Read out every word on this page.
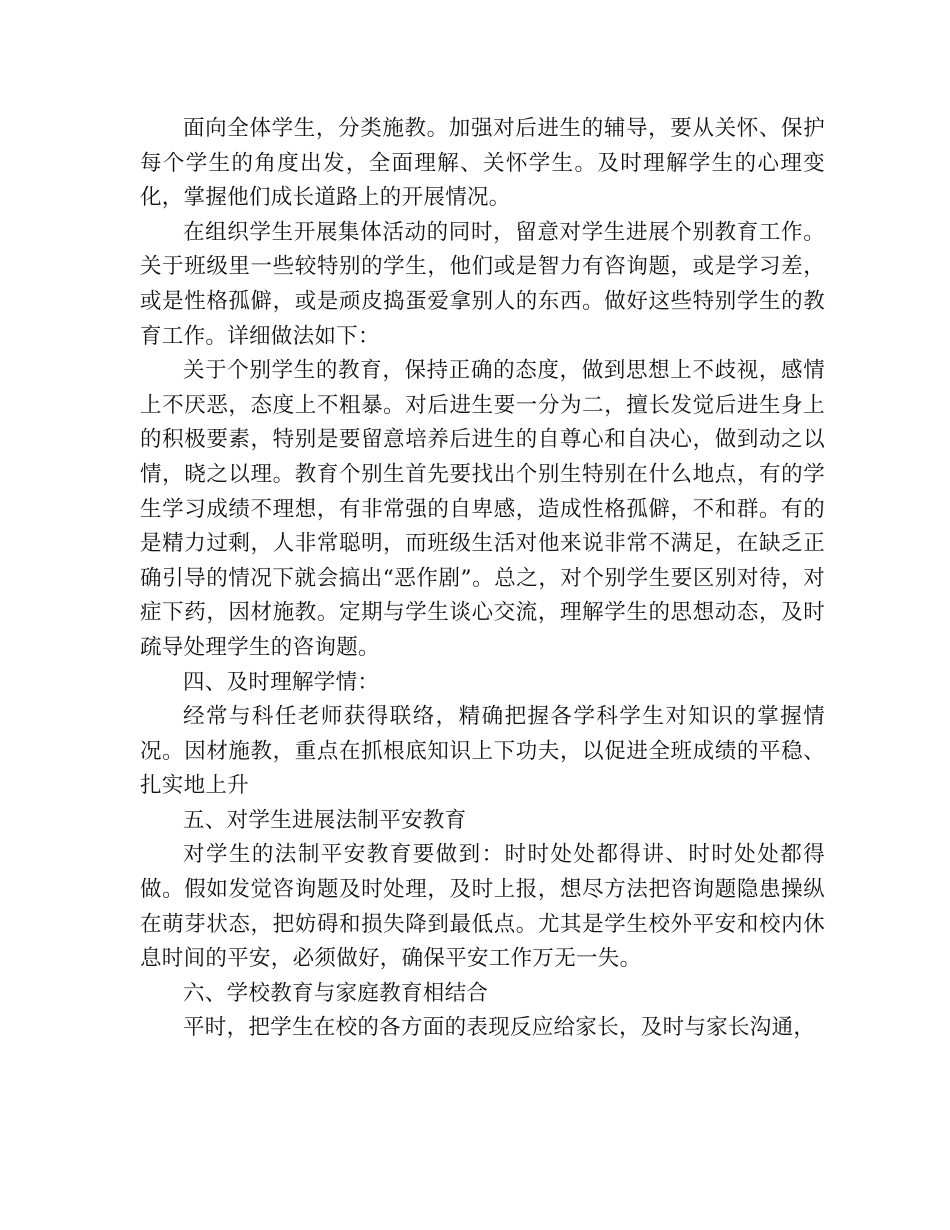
面向全体学生，分类施教。加强对后进生的辅导，要从关怀、保护每个学生的角度出发，全面理解、关怀学生。及时理解学生的心理变化，掌握他们成长道路上的开展情况。

在组织学生开展集体活动的同时，留意对学生进展个别教育工作。关于班级里一些较特别的学生，他们或是智力有咨询题，或是学习差，或是性格孤僻，或是顽皮捣蛋爱拿别人的东西。做好这些特别学生的教育工作。详细做法如下：

关于个别学生的教育，保持正确的态度，做到思想上不歧视，感情上不厌恶，态度上不粗暴。对后进生要一分为二，擅长发觉后进生身上的积极要素，特别是要留意培养后进生的自尊心和自决心，做到动之以情，晓之以理。教育个别生首先要找出个别生特别在什么地点，有的学生学习成绩不理想，有非常强的自卑感，造成性格孤僻，不和群。有的是精力过剩，人非常聪明，而班级生活对他来说非常不满足，在缺乏正确引导的情况下就会搞出“恶作剧”。总之，对个别学生要区别对待，对症下药，因材施教。定期与学生谈心交流，理解学生的思想动态，及时疏导处理学生的咨询题。

四、及时理解学情：

经常与科任老师获得联络，精确把握各学科学生对知识的掌握情况。因材施教，重点在抓根底知识上下功夫，以促进全班成绩的平稳、扎实地上升

五、对学生进展法制平安教育

对学生的法制平安教育要做到：时时处处都得讲、时时处处都得做。假如发觉咨询题及时处理，及时上报，想尽方法把咨询题隐患操纵在萌芽状态，把妨碍和损失降到最低点。尤其是学生校外平安和校内休息时间的平安，必须做好，确保平安工作万无一失。

六、学校教育与家庭教育相结合

平时，把学生在校的各方面的表现反应给家长，及时与家长沟通，
